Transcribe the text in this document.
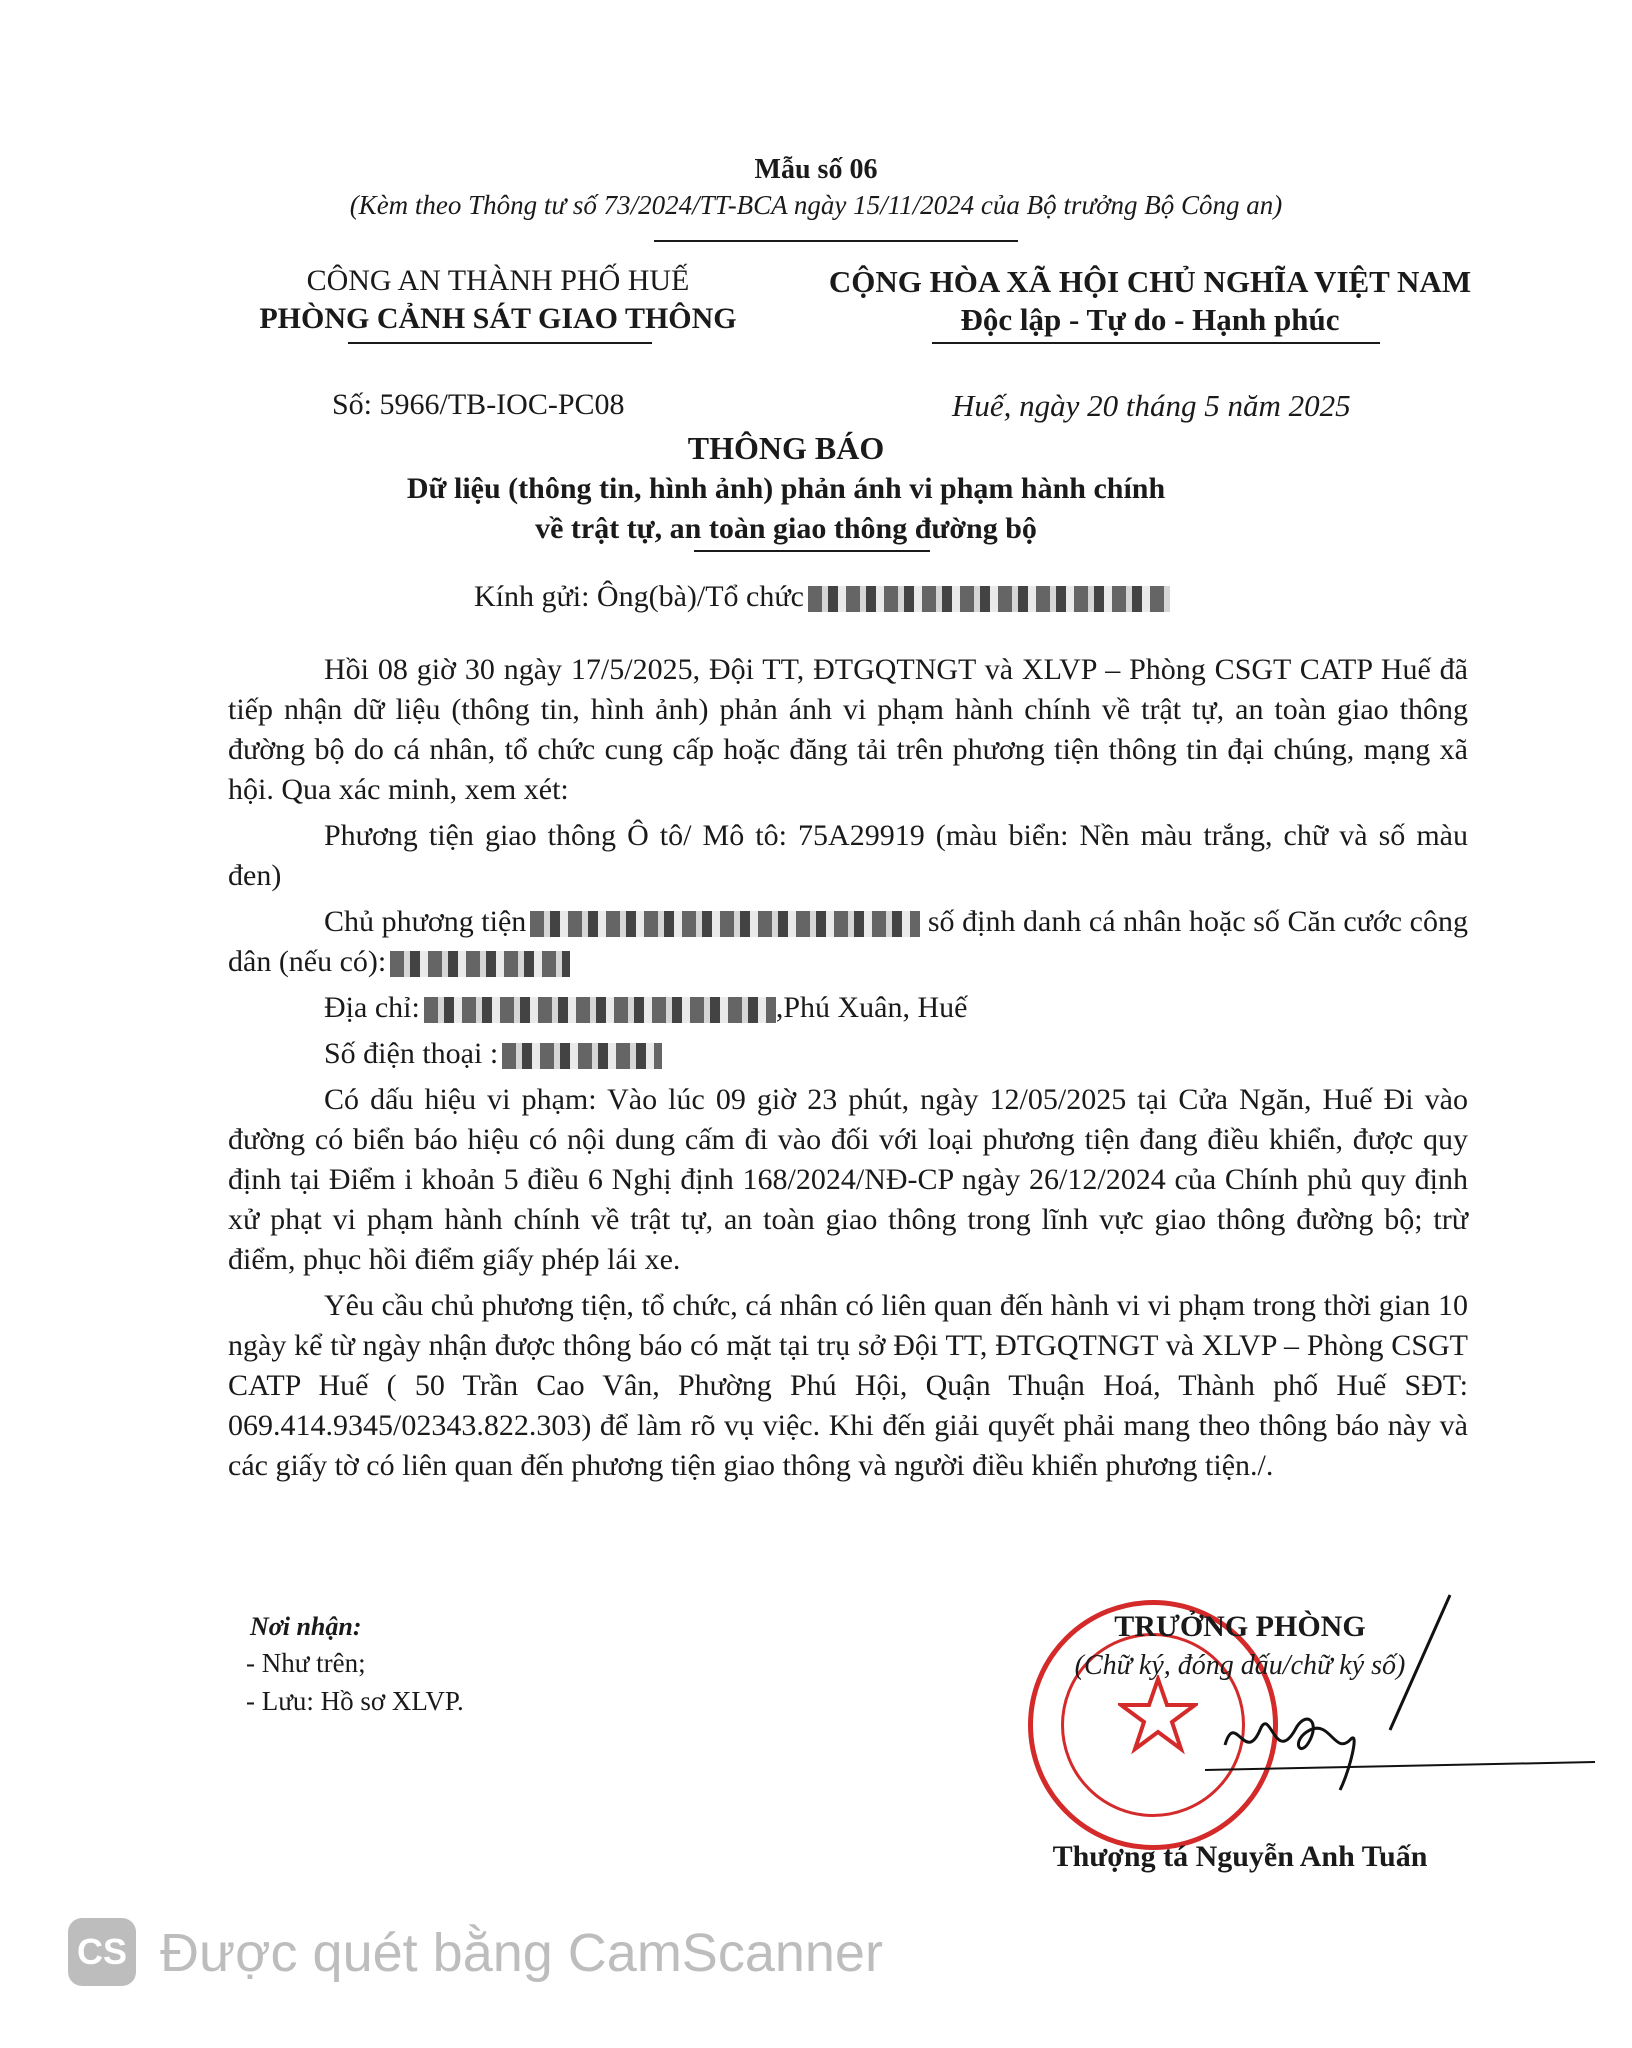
Mẫu số 06
(Kèm theo Thông tư số 73/2024/TT-BCA ngày 15/11/2024 của Bộ trưởng Bộ Công an)
CÔNG AN THÀNH PHỐ HUẾ
PHÒNG CẢNH SÁT GIAO THÔNG
CỘNG HÒA XÃ HỘI CHỦ NGHĨA VIỆT NAM
Độc lập - Tự do - Hạnh phúc
Số: 5966/TB-IOC-PC08	Huế, ngày 20 tháng 5 năm 2025
THÔNG BÁO
Dữ liệu (thông tin, hình ảnh) phản ánh vi phạm hành chính
về trật tự, an toàn giao thông đường bộ
Kính gửi: Ông(bà)/Tổ chức

Hồi 08 giờ 30 ngày 17/5/2025, Đội TT, ĐTGQTNGT và XLVP – Phòng CSGT CATP Huế đã tiếp nhận dữ liệu (thông tin, hình ảnh) phản ánh vi phạm hành chính về trật tự, an toàn giao thông đường bộ do cá nhân, tổ chức cung cấp hoặc đăng tải trên phương tiện thông tin đại chúng, mạng xã hội. Qua xác minh, xem xét:

Phương tiện giao thông Ô tô/ Mô tô: 75A29919 (màu biển: Nền màu trắng, chữ và số màu đen)

Chủ phương tiện	số định danh cá nhân hoặc số Căn cước công dân (nếu có):

Địa chỉ:	,Phú Xuân, Huế

Số điện thoại :

Có dấu hiệu vi phạm: Vào lúc 09 giờ 23 phút, ngày 12/05/2025 tại Cửa Ngăn, Huế Đi vào đường có biển báo hiệu có nội dung cấm đi vào đối với loại phương tiện đang điều khiển, được quy định tại Điểm i khoản 5 điều 6 Nghị định 168/2024/NĐ-CP ngày 26/12/2024 của Chính phủ quy định xử phạt vi phạm hành chính về trật tự, an toàn giao thông trong lĩnh vực giao thông đường bộ; trừ điểm, phục hồi điểm giấy phép lái xe.

Yêu cầu chủ phương tiện, tổ chức, cá nhân có liên quan đến hành vi vi phạm trong thời gian 10 ngày kể từ ngày nhận được thông báo có mặt tại trụ sở Đội TT, ĐTGQTNGT và XLVP – Phòng CSGT CATP Huế ( 50 Trần Cao Vân, Phường Phú Hội, Quận Thuận Hoá, Thành phố Huế SĐT: 069.414.9345/02343.822.303) để làm rõ vụ việc. Khi đến giải quyết phải mang theo thông báo này và các giấy tờ có liên quan đến phương tiện giao thông và người điều khiển phương tiện./.

Nơi nhận:
- Như trên;
- Lưu: Hồ sơ XLVP.
TRƯỞNG PHÒNG
(Chữ ký, đóng dấu/chữ ký số)
Thượng tá Nguyễn Anh Tuấn
CS Được quét bằng CamScanner
